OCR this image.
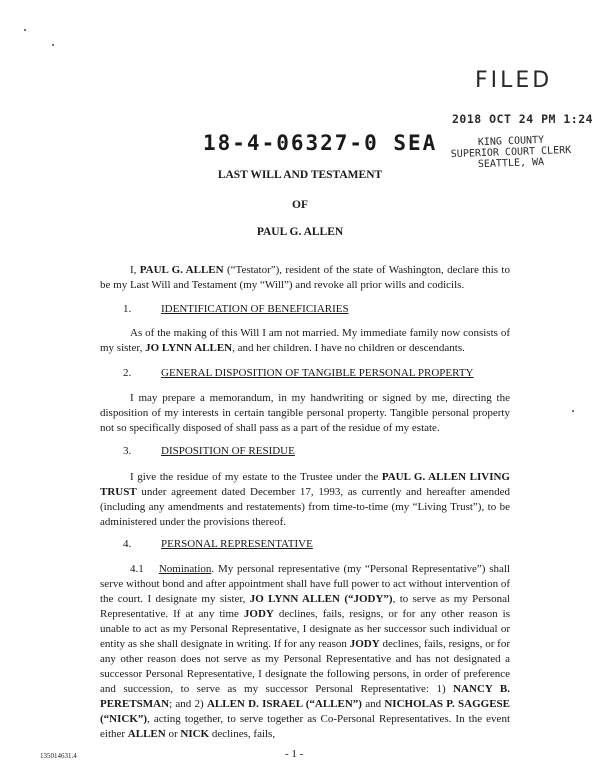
FILED
2018 OCT 24 PM 1:24
KING COUNTY
SUPERIOR COURT CLERK
SEATTLE, WA
18-4-06327-0 SEA
LAST WILL AND TESTAMENT
OF
PAUL G. ALLEN
I, PAUL G. ALLEN (“Testator”), resident of the state of Washington, declare this to be my Last Will and Testament (my “Will”) and revoke all prior wills and codicils.
1.	IDENTIFICATION OF BENEFICIARIES
As of the making of this Will I am not married. My immediate family now consists of my sister, JO LYNN ALLEN, and her children. I have no children or descendants.
2.	GENERAL DISPOSITION OF TANGIBLE PERSONAL PROPERTY
I may prepare a memorandum, in my handwriting or signed by me, directing the disposition of my interests in certain tangible personal property. Tangible personal property not so specifically disposed of shall pass as a part of the residue of my estate.
3.	DISPOSITION OF RESIDUE
I give the residue of my estate to the Trustee under the PAUL G. ALLEN LIVING TRUST under agreement dated December 17, 1993, as currently and hereafter amended (including any amendments and restatements) from time-to-time (my “Living Trust”), to be administered under the provisions thereof.
4.	PERSONAL REPRESENTATIVE
4.1 Nomination. My personal representative (my “Personal Representative”) shall serve without bond and after appointment shall have full power to act without intervention of the court. I designate my sister, JO LYNN ALLEN (“JODY”), to serve as my Personal Representative. If at any time JODY declines, fails, resigns, or for any other reason is unable to act as my Personal Representative, I designate as her successor such individual or entity as she shall designate in writing. If for any reason JODY declines, fails, resigns, or for any other reason does not serve as my Personal Representative and has not designated a successor Personal Representative, I designate the following persons, in order of preference and succession, to serve as my successor Personal Representative: 1) NANCY B. PERETSMAN; and 2) ALLEN D. ISRAEL (“ALLEN”) and NICHOLAS P. SAGGESE (“NICK”), acting together, to serve together as Co-Personal Representatives. In the event either ALLEN or NICK declines, fails,
- 1 -
135014631.4
